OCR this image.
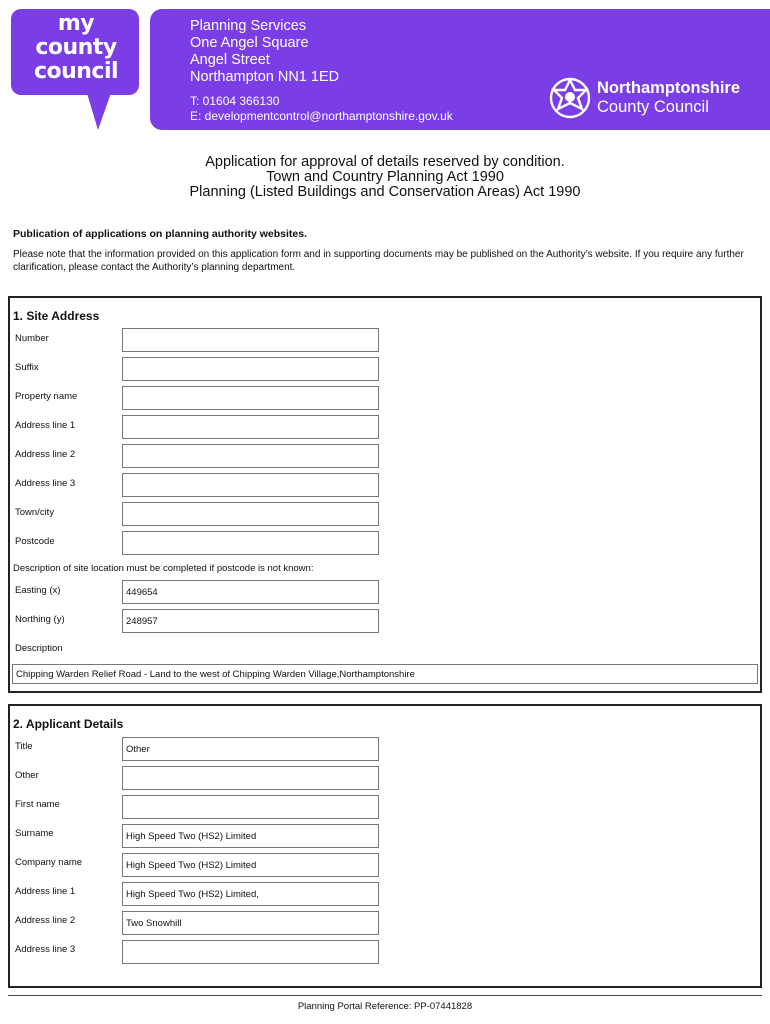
my
county
council
Planning Services
One Angel Square
Angel Street
Northampton NN1 1ED
T: 01604 366130
E: developmentcontrol@northamptonshire.gov.uk
Northamptonshire
County Council
Application for approval of details reserved by condition.
Town and Country Planning Act 1990
Planning (Listed Buildings and Conservation Areas) Act 1990
Publication of applications on planning authority websites.
Please note that the information provided on this application form and in supporting documents may be published on the Authority’s website. If you require any further clarification, please contact the Authority’s planning department.
1. Site Address
Number
Suffix
Property name
Address line 1
Address line 2
Address line 3
Town/city
Postcode
Description of site location must be completed if postcode is not known:
Easting (x)	449654
Northing (y)	248957
Description
Chipping Warden Relief Road - Land to the west of Chipping Warden Village,Northamptonshire
2. Applicant Details
Title	Other
Other
First name
Surname	High Speed Two (HS2) Limited
Company name	High Speed Two (HS2) Limited
Address line 1	High Speed Two (HS2) Limited,
Address line 2	Two Snowhill
Address line 3
Planning Portal Reference: PP-07441828
